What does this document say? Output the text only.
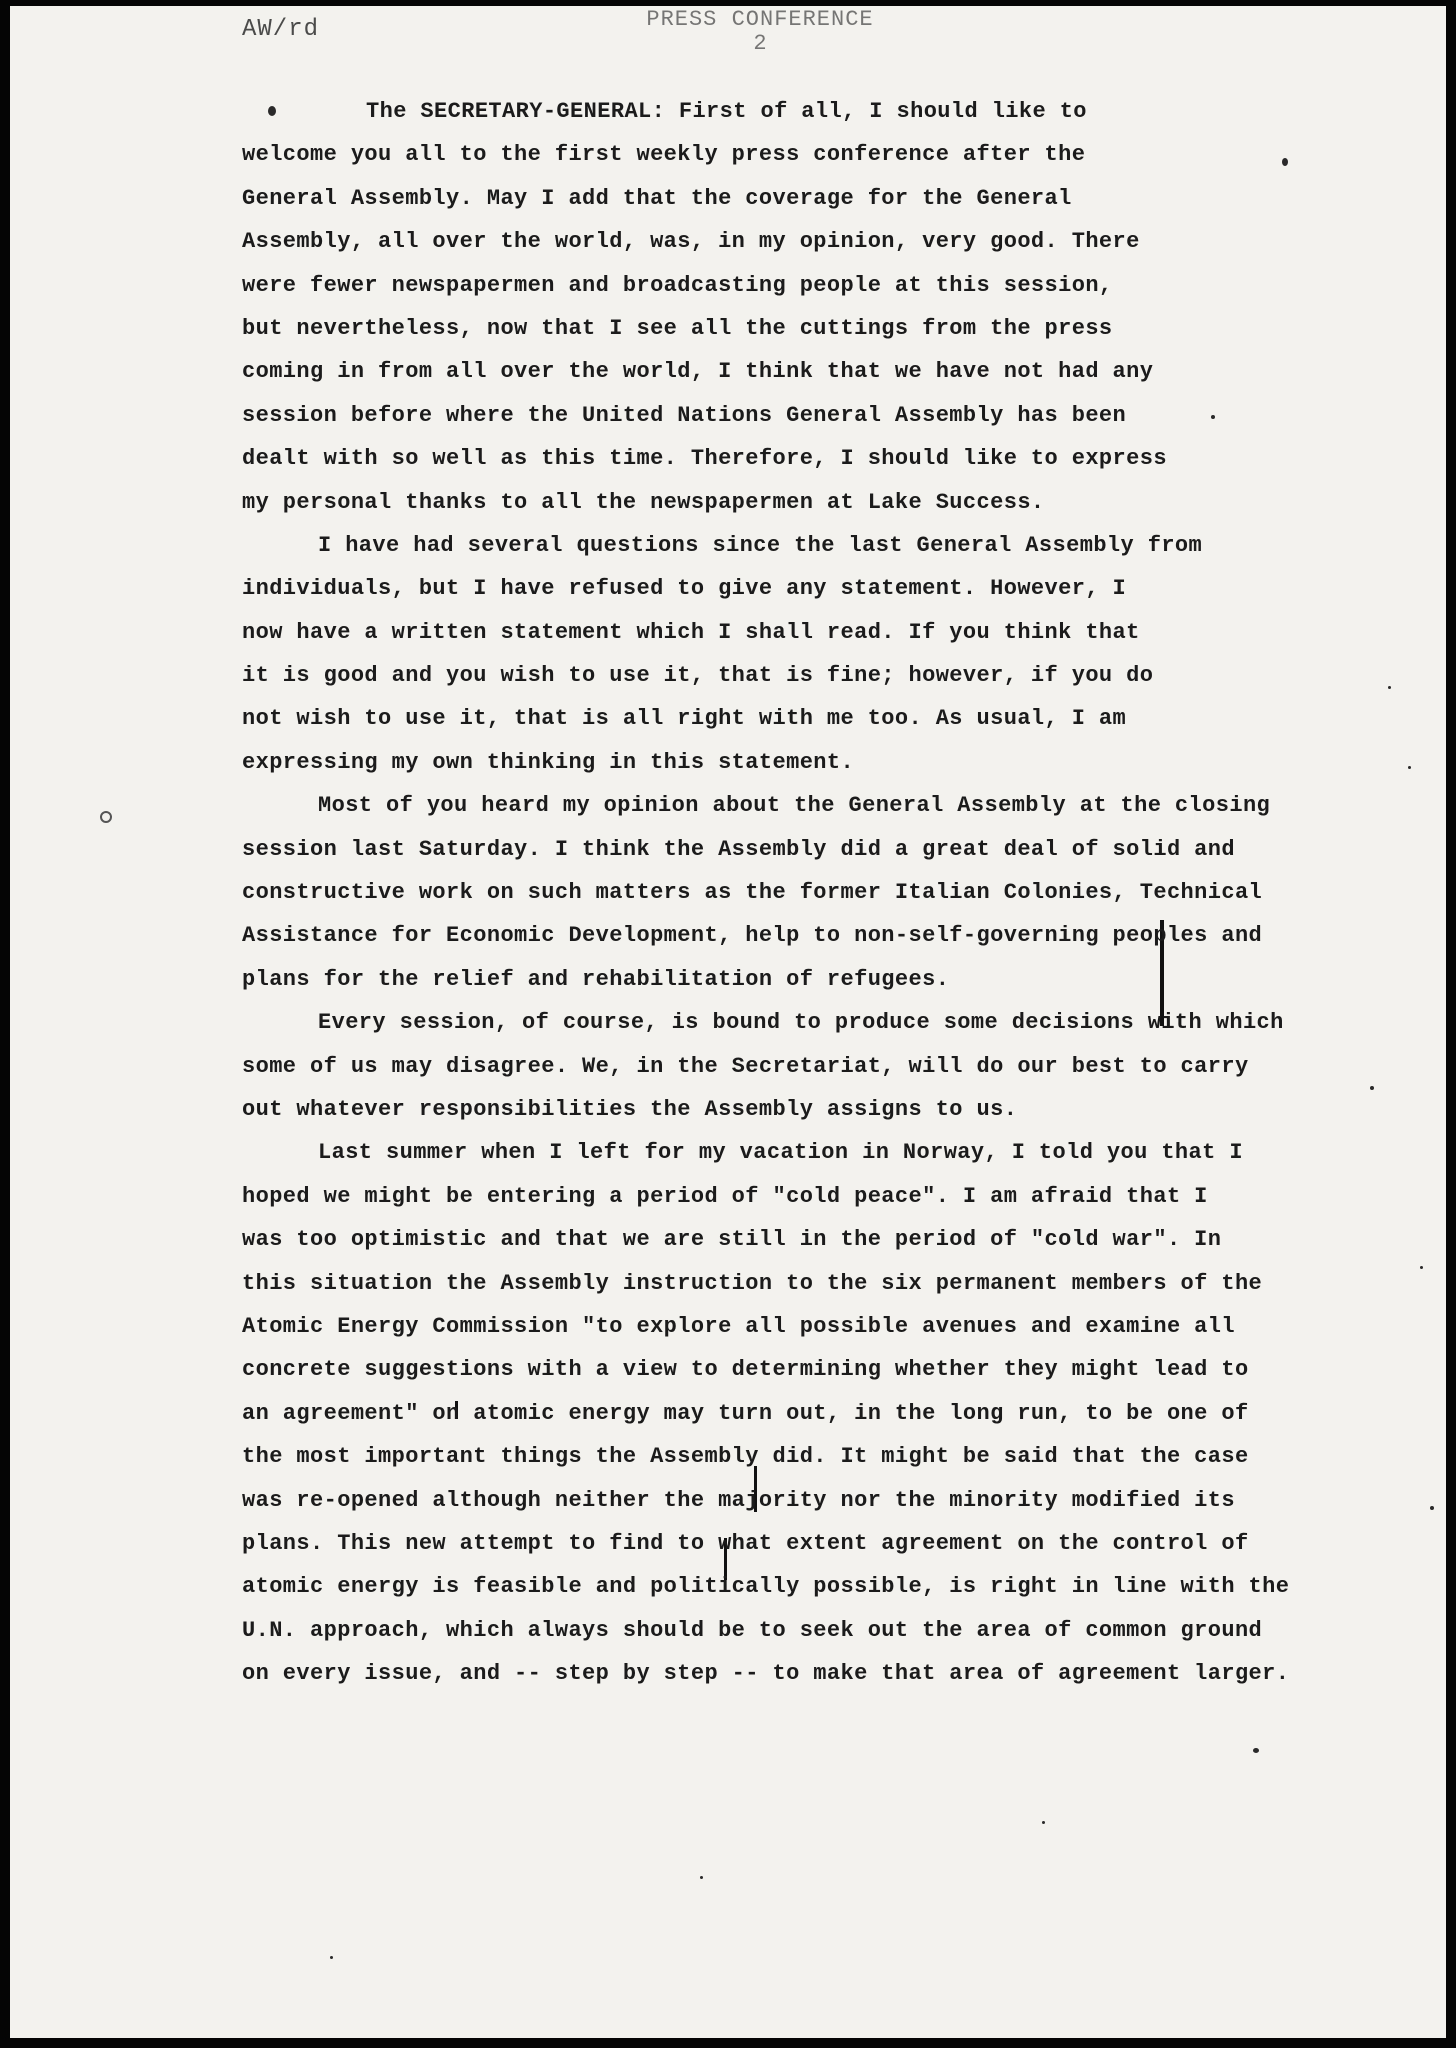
AW/rd	PRESS CONFERENCE
2
The SECRETARY-GENERAL: First of all, I should like to
welcome you all to the first weekly press conference after the
General Assembly. May I add that the coverage for the General
Assembly, all over the world, was, in my opinion, very good. There
were fewer newspapermen and broadcasting people at this session,
but nevertheless, now that I see all the cuttings from the press
coming in from all over the world, I think that we have not had any
session before where the United Nations General Assembly has been
dealt with so well as this time. Therefore, I should like to express
my personal thanks to all the newspapermen at Lake Success.
I have had several questions since the last General Assembly from
individuals, but I have refused to give any statement. However, I
now have a written statement which I shall read. If you think that
it is good and you wish to use it, that is fine; however, if you do
not wish to use it, that is all right with me too. As usual, I am
expressing my own thinking in this statement.
Most of you heard my opinion about the General Assembly at the closing
session last Saturday. I think the Assembly did a great deal of solid and
constructive work on such matters as the former Italian Colonies, Technical
Assistance for Economic Development, help to non-self-governing peoples and
plans for the relief and rehabilitation of refugees.
Every session, of course, is bound to produce some decisions with which
some of us may disagree. We, in the Secretariat, will do our best to carry
out whatever responsibilities the Assembly assigns to us.
Last summer when I left for my vacation in Norway, I told you that I
hoped we might be entering a period of "cold peace". I am afraid that I
was too optimistic and that we are still in the period of "cold war". In
this situation the Assembly instruction to the six permanent members of the
Atomic Energy Commission "to explore all possible avenues and examine all
concrete suggestions with a view to determining whether they might lead to
an agreement" on atomic energy may turn out, in the long run, to be one of
the most important things the Assembly did. It might be said that the case
was re-opened although neither the majority nor the minority modified its
plans. This new attempt to find to what extent agreement on the control of
atomic energy is feasible and politically possible, is right in line with the
U.N. approach, which always should be to seek out the area of common ground
on every issue, and -- step by step -- to make that area of agreement larger.
